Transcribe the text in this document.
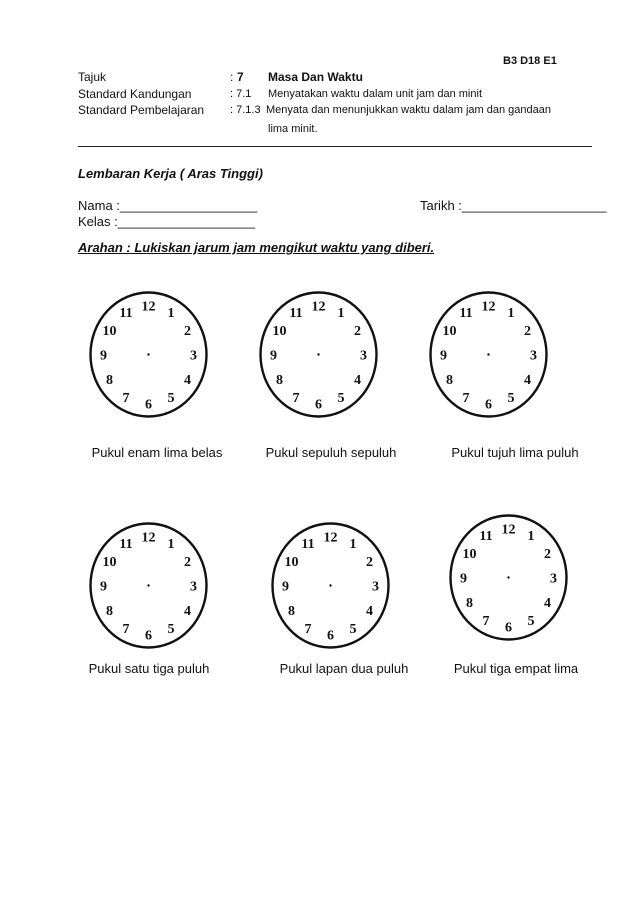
B3 D18 E1
Tajuk	: 7 Masa Dan Waktu
Standard Kandungan	: 7.1 Menyatakan waktu dalam unit jam dan minit
Standard Pembelajaran : 7.1.3 Menyata dan menunjukkan waktu dalam jam dan gandaan
lima minit.
Lembaran Kerja ( Aras Tinggi)
Nama :___________________	Tarikh :____________________
Kelas :___________________
Arahan : Lukiskan jarum jam mengikut waktu yang diberi.
12 1
2
3
4
5
6
7
8
9
10
11	12 1
2
3
4
5
6
7
8
9
10
11	12 1
2
3
4
5
6
7
8
9
10
11
12 1
2
3
4
5
6
7
8
9
10
11	12 1
2
3
4
5
6
7
8
9
10
11
12 1
2
3
4
5
6
7
8
9
10
11
Pukul enam lima belas	Pukul sepuluh sepuluh	Pukul tujuh lima puluh
Pukul satu tiga puluh	Pukul lapan dua puluh	Pukul tiga empat lima
